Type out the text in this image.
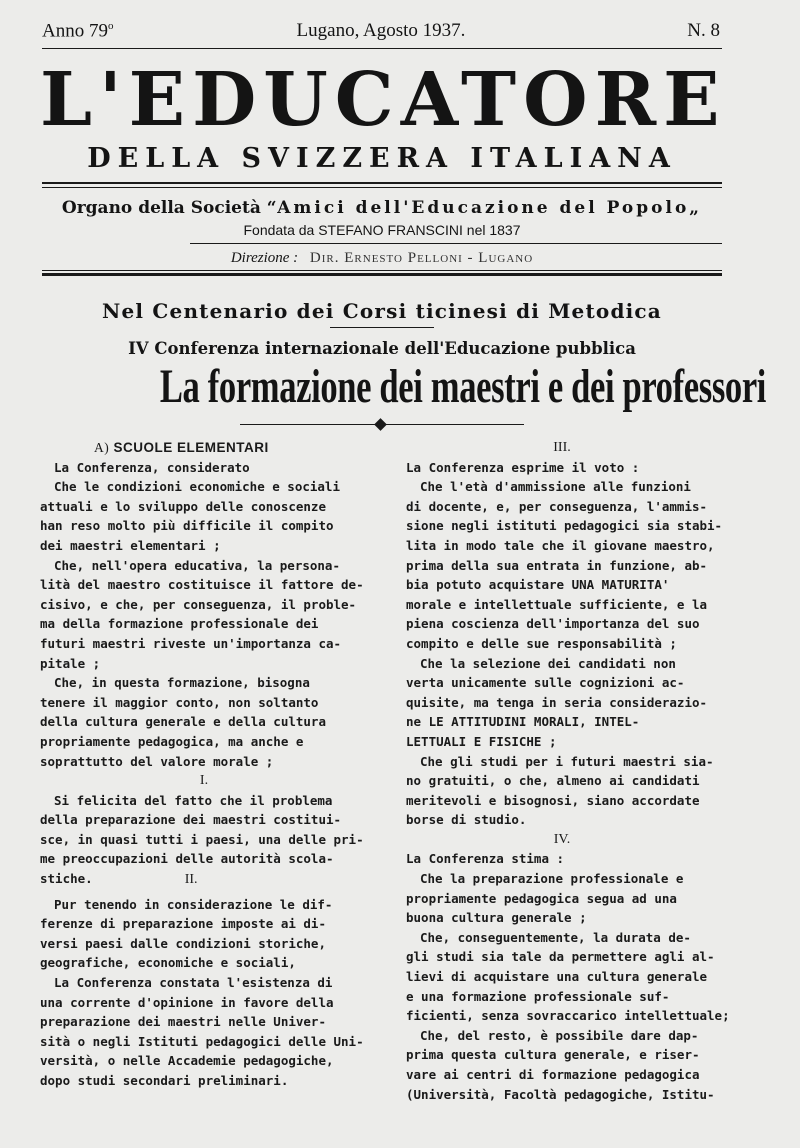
Anno 79$^o$	Lugano, Agosto 1937.	N. 8
L'EDUCATORE
DELLA SVIZZERA ITALIANA
Organo della Società “Amici dell'Educazione del Popolo„
Fondata da STEFANO FRANSCINI nel 1837
Direzione : Dir. Ernesto Pelloni - Lugano
Nel Centenario dei Corsi ticinesi di Metodica
IV Conferenza internazionale dell'Educazione pubblica
La formazione dei maestri e dei professori

A) SCUOLE ELEMENTARI

La Conferenza, considerato

Che le condizioni economiche e sociali

attuali e lo sviluppo delle conoscenze

han reso molto più difficile il compito

dei maestri elementari ;

Che, nell'opera educativa, la persona-

lità del maestro costituisce il fattore de-

cisivo, e che, per conseguenza, il proble-

ma della formazione professionale dei

futuri maestri riveste un'importanza ca-

pitale ;

Che, in questa formazione, bisogna

tenere il maggior conto, non soltanto

della cultura generale e della cultura

propriamente pedagogica, ma anche e

soprattutto del valore morale ;

I.

Si felicita del fatto che il problema

della preparazione dei maestri costitui-

sce, in quasi tutti i paesi, una delle pri-

me preoccupazioni delle autorità scola-

stiche.	II.

Pur tenendo in considerazione le dif-

ferenze di preparazione imposte ai di-

versi paesi dalle condizioni storiche,

geografiche, economiche e sociali,

La Conferenza constata l'esistenza di

una corrente d'opinione in favore della

preparazione dei maestri nelle Univer-

sità o negli Istituti pedagogici delle Uni-

versità, o nelle Accademie pedagogiche,

dopo studi secondari preliminari.

III.

La Conferenza esprime il voto :

Che l'età d'ammissione alle funzioni

di docente, e, per conseguenza, l'ammis-

sione negli istituti pedagogici sia stabi-

lita in modo tale che il giovane maestro,

prima della sua entrata in funzione, ab-

bia potuto acquistare UNA MATURITA'

morale e intellettuale sufficiente, e la

piena coscienza dell'importanza del suo

compito e delle sue responsabilità ;

Che la selezione dei candidati non

verta unicamente sulle cognizioni ac-

quisite, ma tenga in seria considerazio-

ne LE ATTITUDINI MORALI, INTEL-

LETTUALI E FISICHE ;

Che gli studi per i futuri maestri sia-

no gratuiti, o che, almeno ai candidati

meritevoli e bisognosi, siano accordate

borse di studio.

IV.

La Conferenza stima :

Che la preparazione professionale e

propriamente pedagogica segua ad una

buona cultura generale ;

Che, conseguentemente, la durata de-

gli studi sia tale da permettere agli al-

lievi di acquistare una cultura generale

e una formazione professionale suf-

ficienti, senza sovraccarico intellettuale;

Che, del resto, è possibile dare dap-

prima questa cultura generale, e riser-

vare ai centri di formazione pedagogica

(Università, Facoltà pedagogiche, Istitu-
